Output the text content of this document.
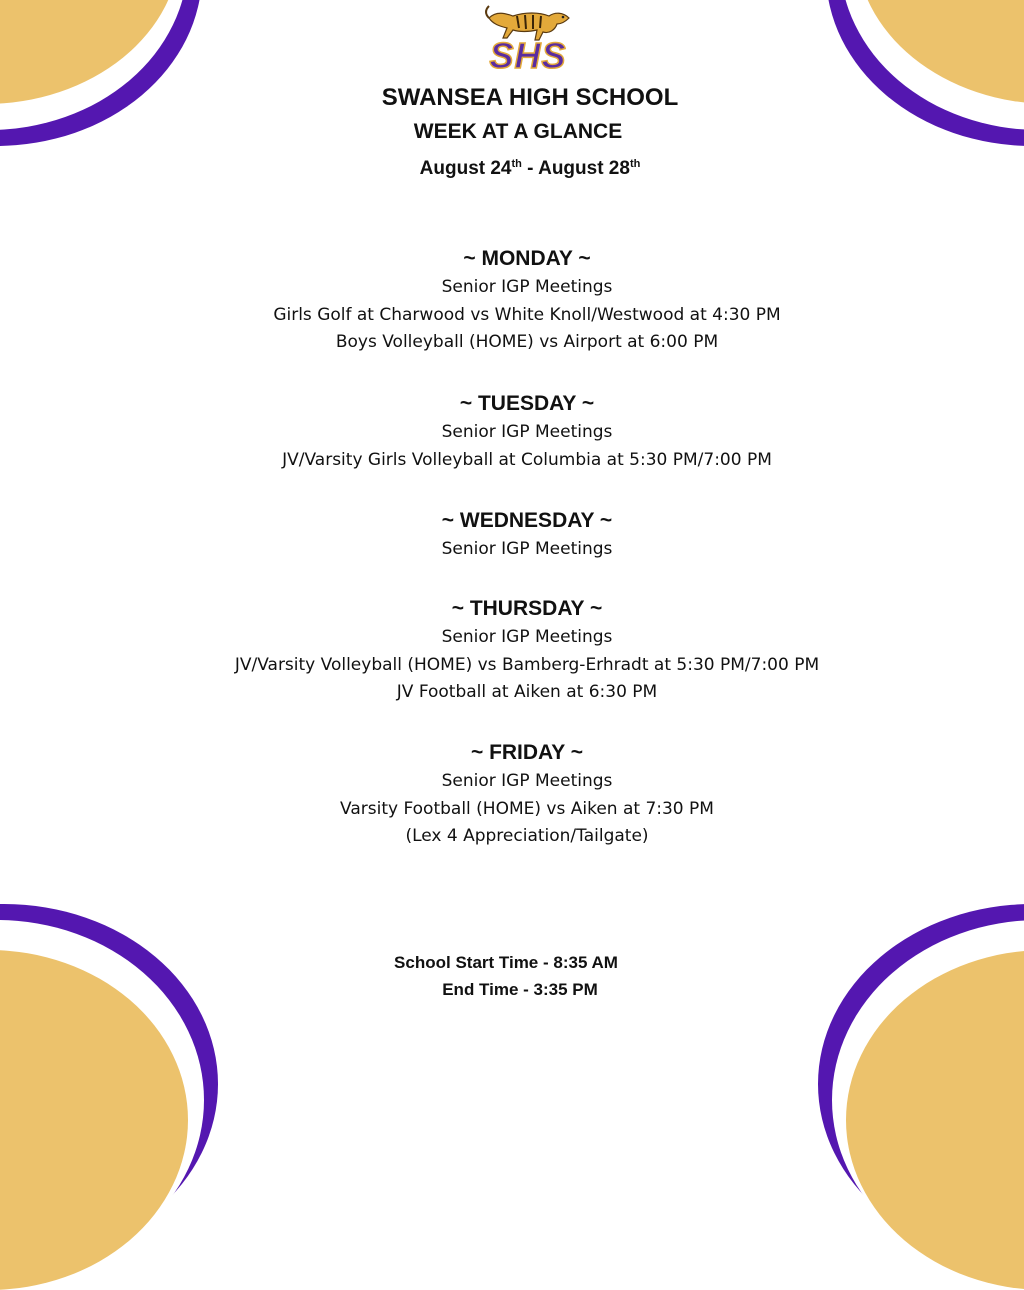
SHS
SWANSEA HIGH SCHOOL
WEEK AT A GLANCE
August 24th - August 28th
~ MONDAY ~
Senior IGP Meetings
Girls Golf at Charwood vs White Knoll/Westwood at 4:30 PM
Boys Volleyball (HOME) vs Airport at 6:00 PM
~ TUESDAY ~
Senior IGP Meetings
JV/Varsity Girls Volleyball at Columbia at 5:30 PM/7:00 PM
~ WEDNESDAY ~
Senior IGP Meetings
~ THURSDAY ~
Senior IGP Meetings
JV/Varsity Volleyball (HOME) vs Bamberg-Erhradt at 5:30 PM/7:00 PM
JV Football at Aiken at 6:30 PM
~ FRIDAY ~
Senior IGP Meetings
Varsity Football (HOME) vs Aiken at 7:30 PM
(Lex 4 Appreciation/Tailgate)
School Start Time - 8:35 AM
End Time - 3:35 PM
